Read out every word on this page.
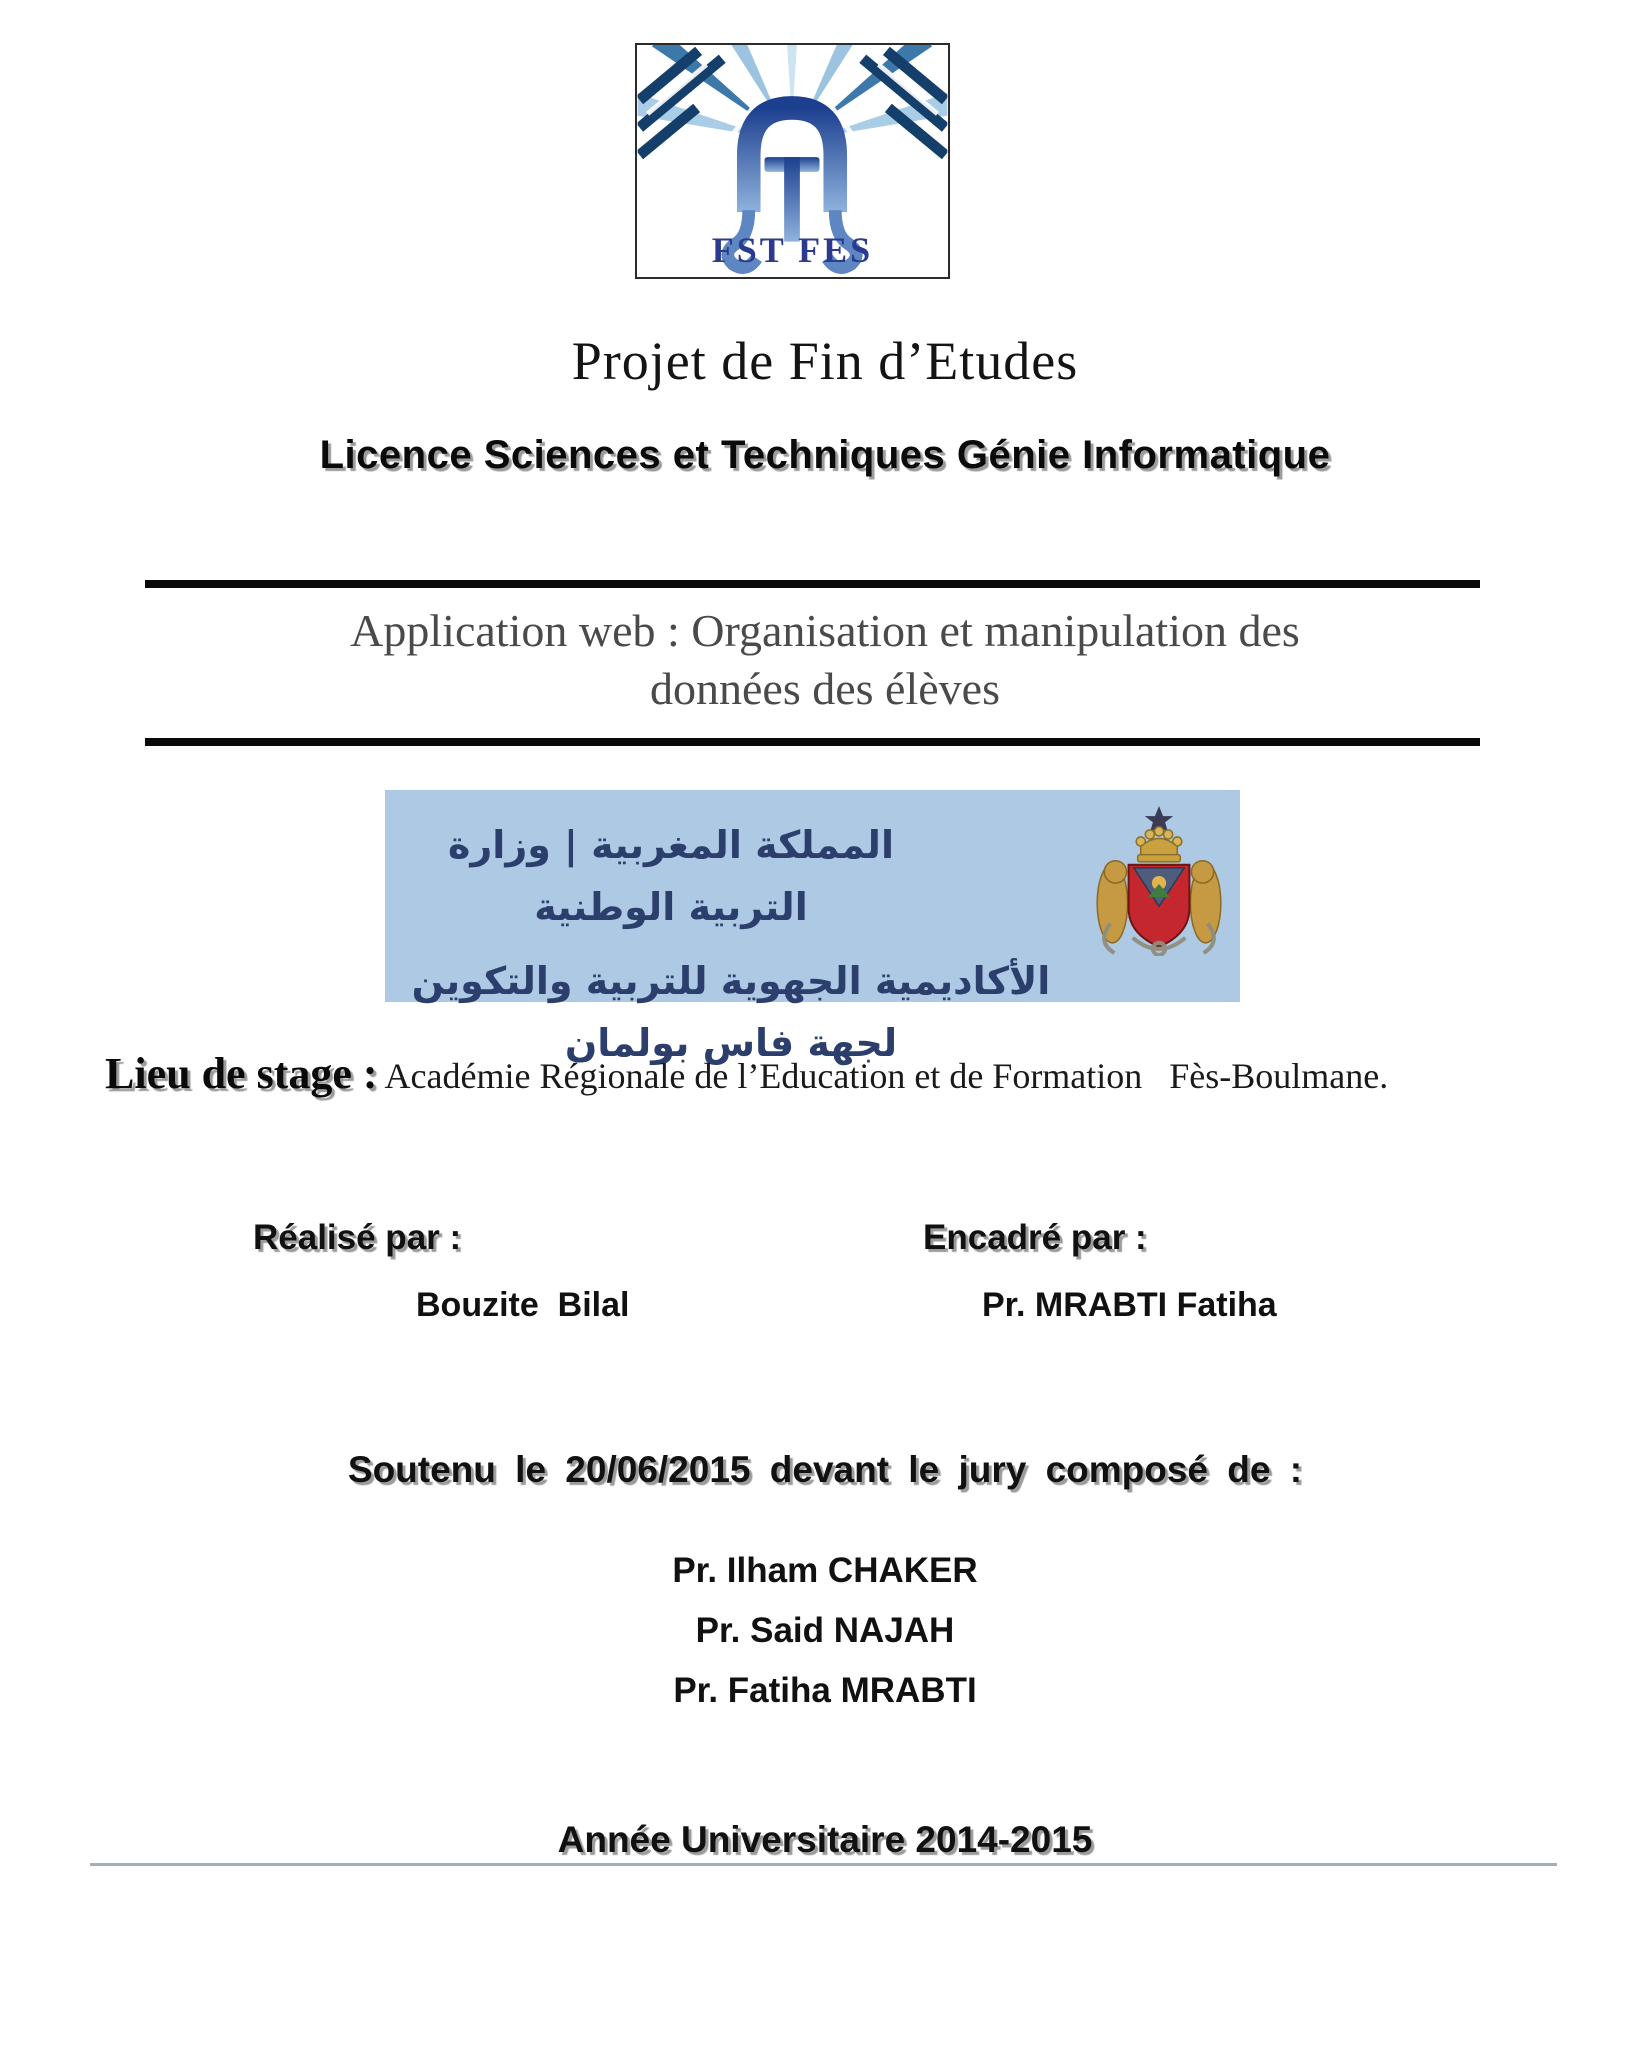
FST FES
Projet de Fin d’Etudes
Licence Sciences et Techniques Génie Informatique
Application web : Organisation et manipulation des
données des élèves
المملكة المغربية | وزارة التربية الوطنية
الأكاديمية الجهوية للتربية والتكوين لجهة فاس بولمان
Lieu de stage : Académie Régionale de l’Education et de Formation   Fès-Boulmane.
Réalisé par :
Bouzite  Bilal
Encadré par :
Pr. MRABTI Fatiha
Soutenu le 20/06/2015 devant le jury composé de :
Pr. Ilham CHAKER
Pr. Said NAJAH
Pr. Fatiha MRABTI
Année Universitaire 2014-2015
